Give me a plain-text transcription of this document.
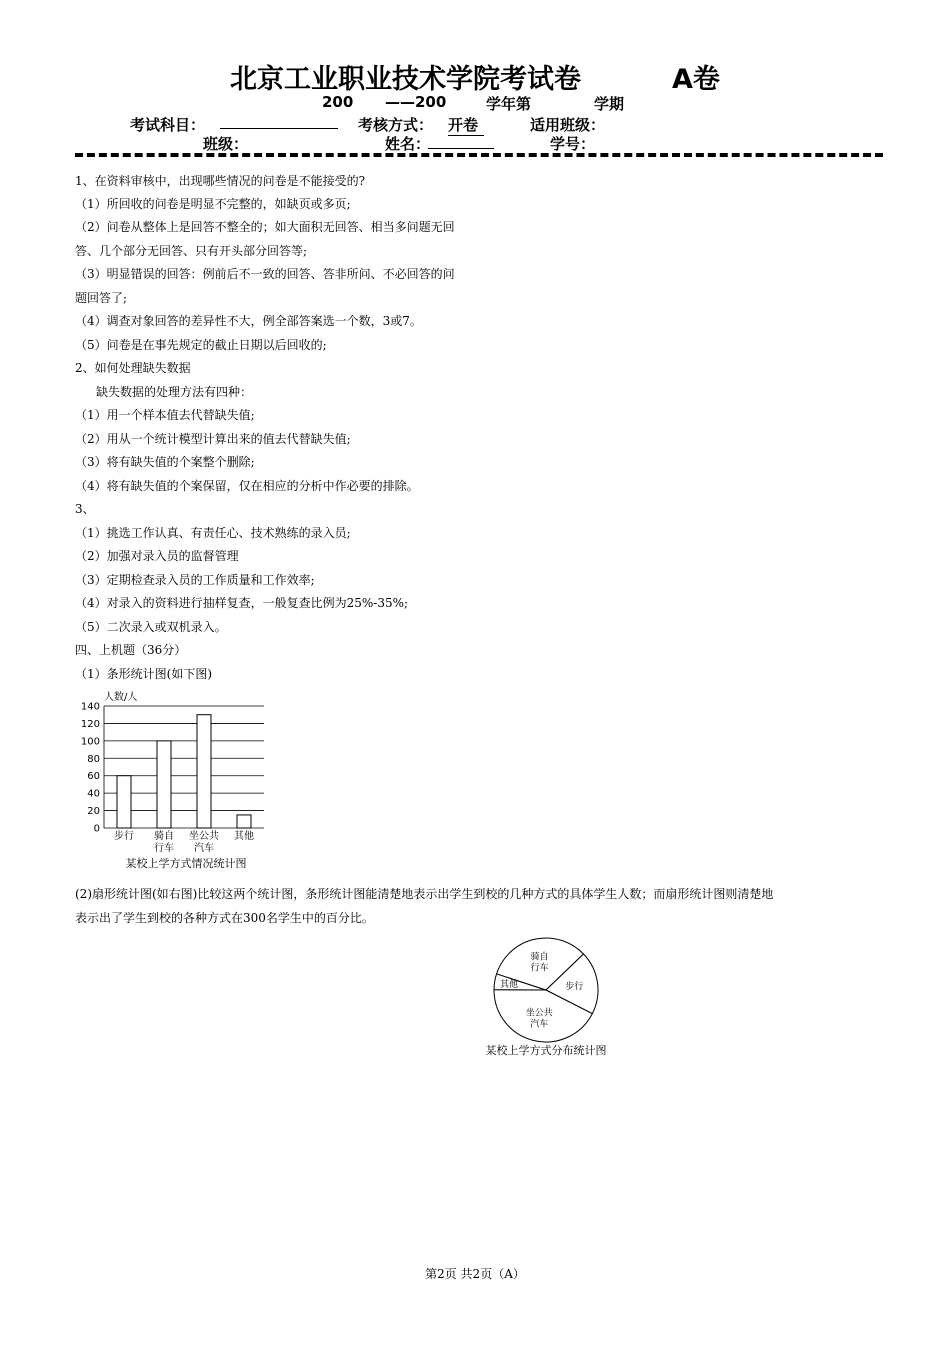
北京工业职业技术学院考试卷	A卷
200 ——200	学年第	学期
考试科目：	考核方式： 开卷	适用班级：
班级：	姓名：	学号：
1、在资料审核中，出现哪些情况的问卷是不能接受的?
（1）所回收的问卷是明显不完整的，如缺页或多页;
（2）问卷从整体上是回答不整全的；如大面积无回答、相当多问题无回
答、几个部分无回答、只有开头部分回答等;
（3）明显错误的回答：例前后不一致的回答、答非所问、不必回答的问
题回答了;
（4）调查对象回答的差异性不大，例全部答案选一个数，3或7。
（5）问卷是在事先规定的截止日期以后回收的;
2、如何处理缺失数据
缺失数据的处理方法有四种：
（1）用一个样本值去代替缺失值;
（2）用从一个统计模型计算出来的值去代替缺失值;
（3）将有缺失值的个案整个删除;
（4）将有缺失值的个案保留，仅在相应的分析中作必要的排除。
3、
（1）挑选工作认真、有责任心、技术熟练的录入员;
（2）加强对录入员的监督管理
（3）定期检查录入员的工作质量和工作效率;
（4）对录入的资料进行抽样复查，一般复查比例为25%-35%;
（5）二次录入或双机录入。
四、上机题（36分）
（1）条形统计图(如下图)
0
20
40
60
80
100
120
140
步行 骑自
行车
坐公共
汽车
其他
人数/人
某校上学方式情况统计图
(2)扇形统计图(如右图)比较这两个统计图，条形统计图能清楚地表示出学生到校的几种方式的具体学生人数；而扇形统计图则清楚地
表示出了学生到校的各种方式在300名学生中的百分比。
坐公共
汽车
其他
骑自
行车
步行
某校上学方式分布统计图
第2页 共2页（A）
